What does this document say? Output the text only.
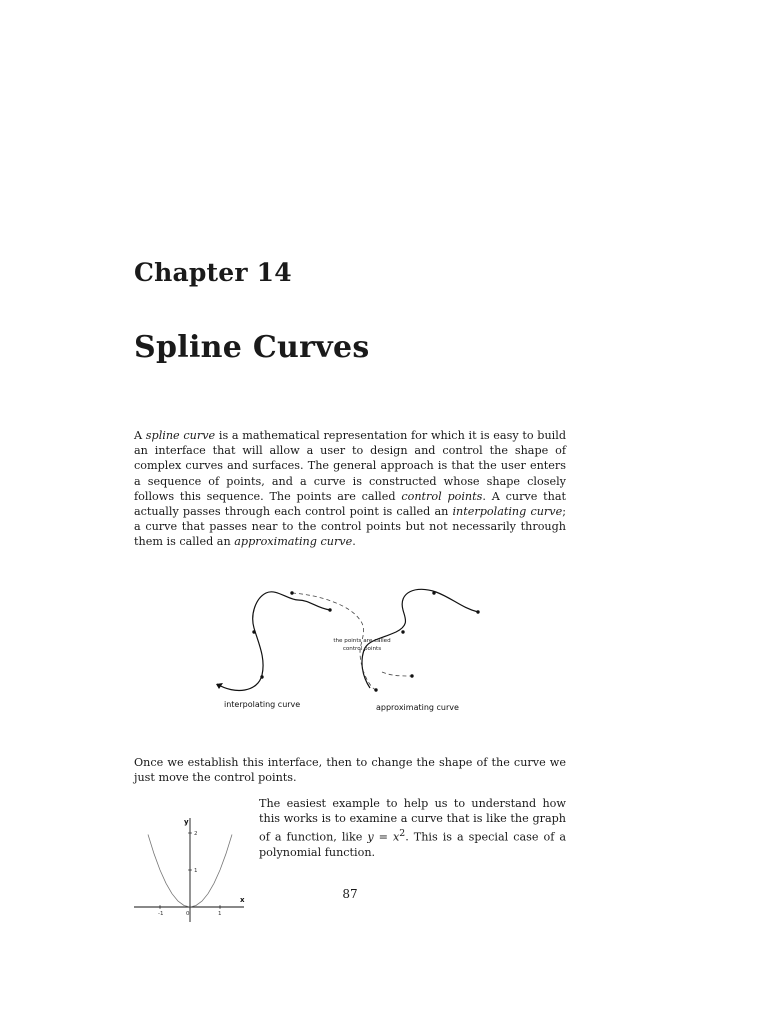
Chapter 14
Spline Curves
A spline curve is a mathematical representation for which it is easy to build an interface that will allow a user to design and control the shape of complex curves and surfaces. The general approach is that the user enters a sequence of points, and a curve is constructed whose shape closely follows this sequence. The points are called control points. A curve that actually passes through each control point is called an interpolating curve; a curve that passes near to the control points but not necessarily through them is called an approximating curve.
the points are called
control points
interpolating curve	approximating curve
Once we establish this interface, then to change the shape of the curve we just move the control points.
-1	0	1
1
2
x
y
The easiest example to help us to understand how this works is to examine a curve that is like the graph of a function, like $y = x^2$. This is a special case of a polynomial function.
87
